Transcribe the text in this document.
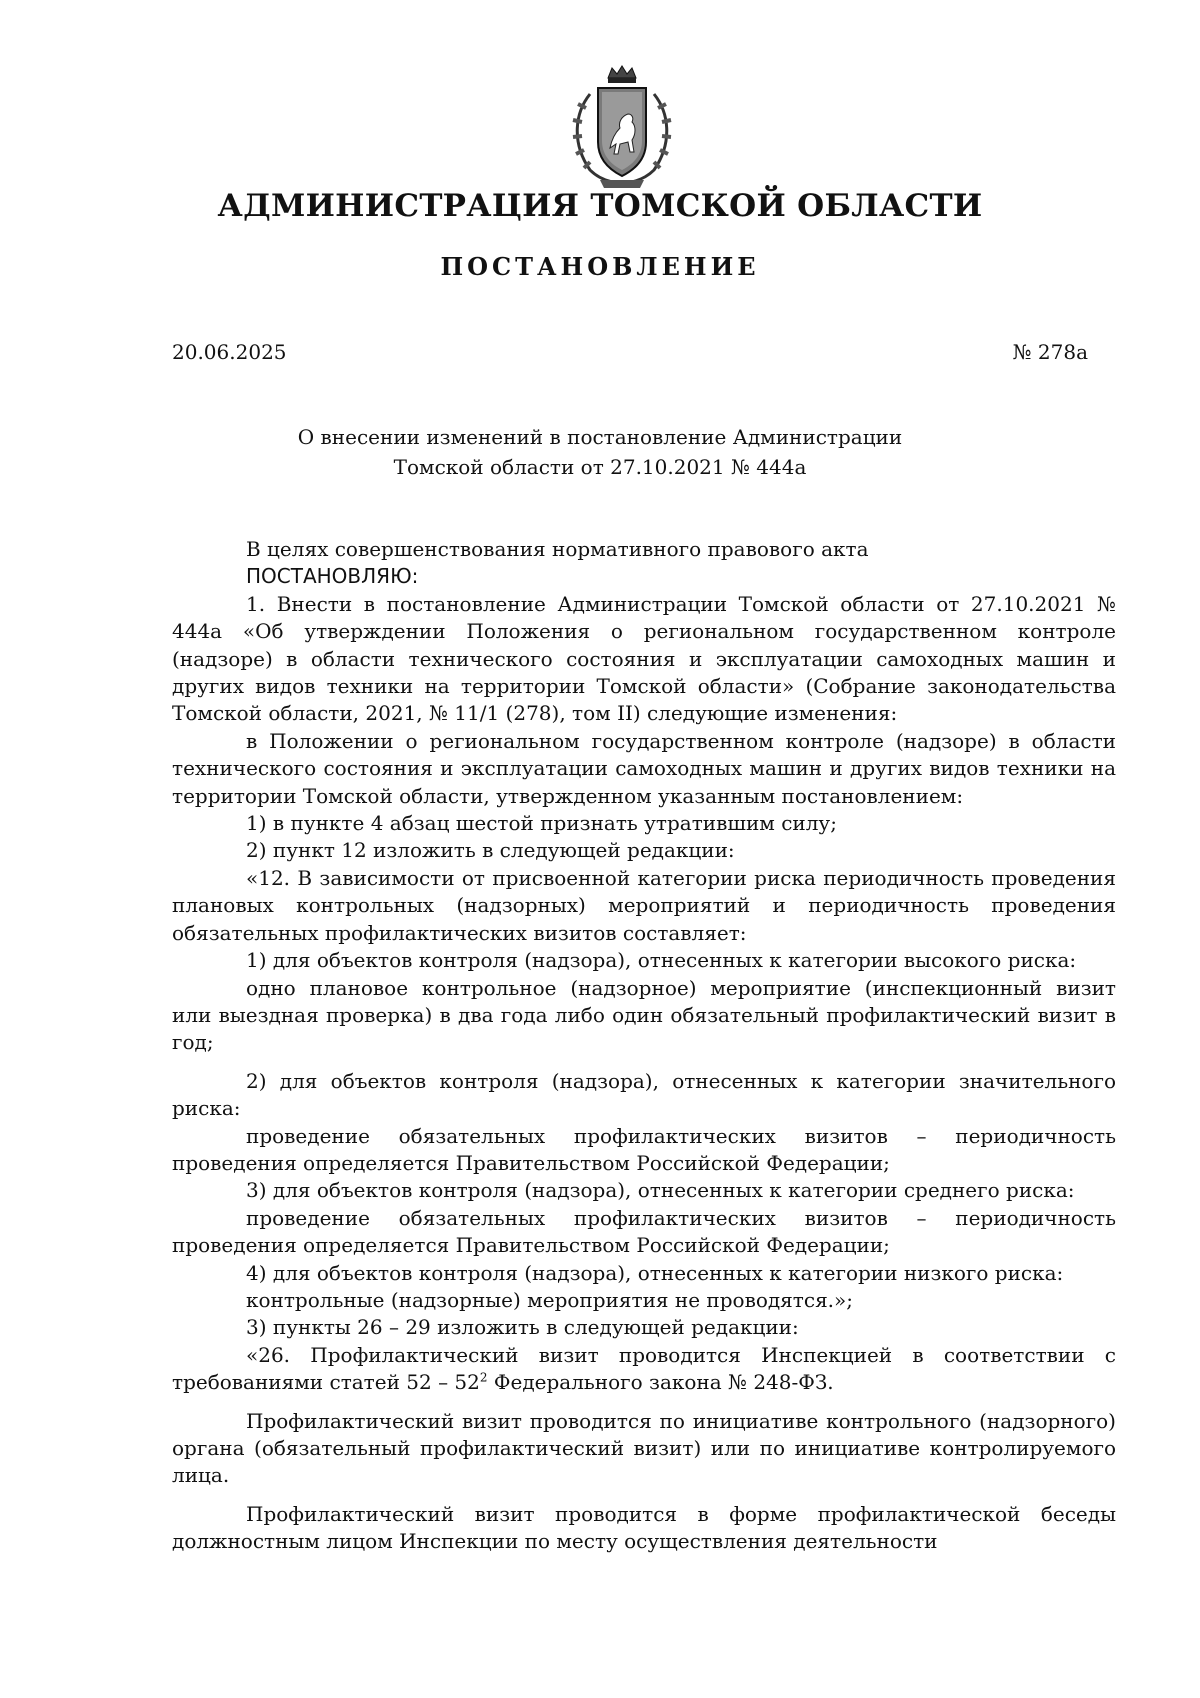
АДМИНИСТРАЦИЯ ТОМСКОЙ ОБЛАСТИ
ПОСТАНОВЛЕНИЕ
20.06.2025	№ 278а
О внесении изменений в постановление Администрации
Томской области от 27.10.2021 № 444а
В целях совершенствования нормативного правового акта
ПОСТАНОВЛЯЮ:

1. Внести в постановление Администрации Томской области от 27.10.2021 № 444а «Об утверждении Положения о региональном государственном контроле (надзоре) в области технического состояния и эксплуатации самоходных машин и других видов техники на территории Томской области» (Собрание законодательства Томской области, 2021, № 11/1 (278), том II) следующие изменения:

в Положении о региональном государственном контроле (надзоре) в области технического состояния и эксплуатации самоходных машин и других видов техники на территории Томской области, утвержденном указанным постановлением:

1) в пункте 4 абзац шестой признать утратившим силу;

2) пункт 12 изложить в следующей редакции:

«12. В зависимости от присвоенной категории риска периодичность проведения плановых контрольных (надзорных) мероприятий и периодичность проведения обязательных профилактических визитов составляет:

1) для объектов контроля (надзора), отнесенных к категории высокого риска:

одно плановое контрольное (надзорное) мероприятие (инспекционный визит или выездная проверка) в два года либо один обязательный профилактический визит в год;

2) для объектов контроля (надзора), отнесенных к категории значительного риска:

проведение обязательных профилактических визитов – периодичность проведения определяется Правительством Российской Федерации;

3) для объектов контроля (надзора), отнесенных к категории среднего риска:

проведение обязательных профилактических визитов – периодичность проведения определяется Правительством Российской Федерации;

4) для объектов контроля (надзора), отнесенных к категории низкого риска:

контрольные (надзорные) мероприятия не проводятся.»;

3) пункты 26 – 29 изложить в следующей редакции:

«26. Профилактический визит проводится Инспекцией в соответствии с требованиями статей $52 - 52^2$ Федерального закона № 248-ФЗ.

Профилактический визит проводится по инициативе контрольного (надзорного) органа (обязательный профилактический визит) или по инициативе контролируемого лица.

Профилактический визит проводится в форме профилактической беседы должностным лицом Инспекции по месту осуществления деятельности
